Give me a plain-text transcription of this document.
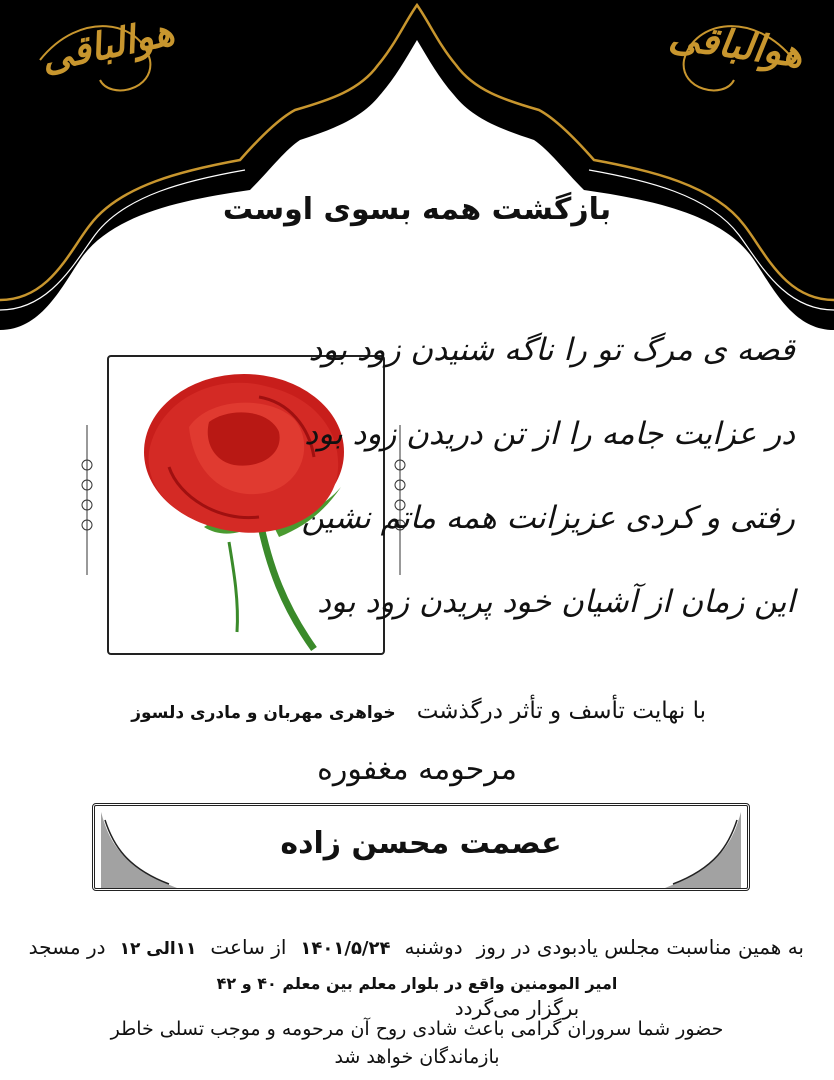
هوالباقی	هوالباقی
بازگشت همه بسوی اوست
قصه ی مرگ تو را ناگه شنیدن زود بود
در عزایت جامه را از تن دریدن زود بود
رفتی و کردی عزیزانت همه ماتم نشین
این زمان از آشیان خود پریدن زود بود
با نهایت تأسف و تأثر درگذشت خواهری مهربان و مادری دلسوز
مرحومه مغفوره
عصمت محسن زاده
به همین مناسبت مجلس یادبودی در روزدوشنبه۱۴۰۱/۵/۲۴از ساعت۱۱الی ۱۲در مسجد
امیر المومنین واقع در بلوار معلم بین معلم ۴۰ و ۴۲
برگزار می‌گردد
حضور شما سروران گرامی باعث شادی روح آن مرحومه و موجب تسلی خاطر
بازماندگان خواهد شد
